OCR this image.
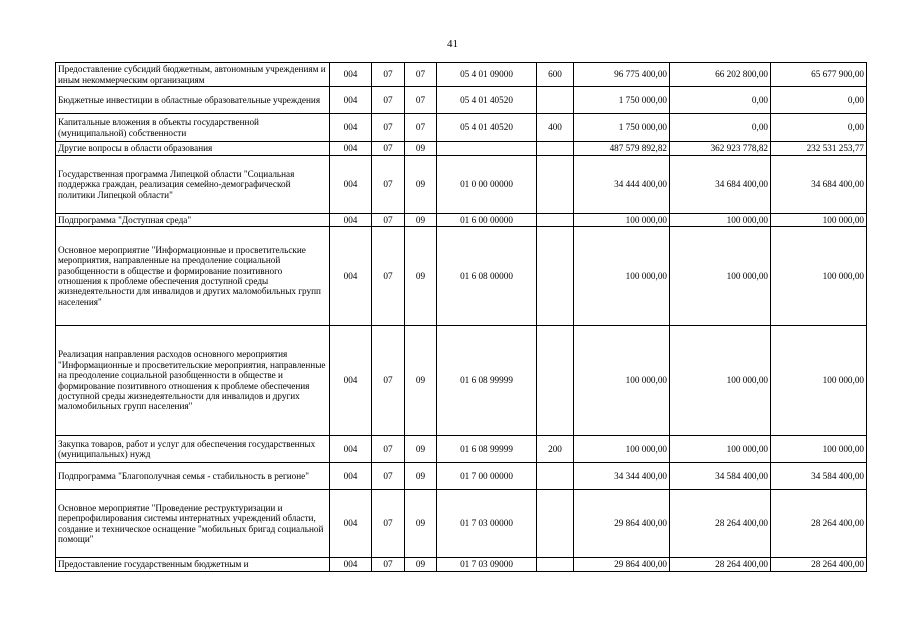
41
Предоставление субсидий бюджетным, автономным учреждениям и иным некоммерческим организациям	004	07	07	05 4 01 09000	600	96 775 400,00	66 202 800,00	65 677 900,00
Бюджетные инвестиции в областные образовательные учреждения	004	07	07	05 4 01 40520		1 750 000,00	0,00	0,00
Капитальные вложения в объекты государственной (муниципальной) собственности	004	07	07	05 4 01 40520	400	1 750 000,00	0,00	0,00
Другие вопросы в области образования	004	07	09			487 579 892,82	362 923 778,82	232 531 253,77
Государственная программа Липецкой области "Социальная поддержка граждан, реализация семейно-демографической политики Липецкой области"	004	07	09	01 0 00 00000		34 444 400,00	34 684 400,00	34 684 400,00
Подпрограмма "Доступная среда"	004	07	09	01 6 00 00000		100 000,00	100 000,00	100 000,00
Основное мероприятие "Информационные и просветительские мероприятия, направленные на преодоление социальной разобщенности в обществе и формирование позитивного отношения к проблеме обеспечения доступной среды жизнедеятельности для инвалидов и других маломобильных групп населения"	004	07	09	01 6 08 00000		100 000,00	100 000,00	100 000,00
Реализация направления расходов основного мероприятия "Информационные и просветительские мероприятия, направленные на преодоление социальной разобщенности в обществе и формирование позитивного отношения к проблеме обеспечения доступной среды жизнедеятельности для инвалидов и других маломобильных групп населения"	004	07	09	01 6 08 99999		100 000,00	100 000,00	100 000,00
Закупка товаров, работ и услуг для обеспечения государственных (муниципальных) нужд	004	07	09	01 6 08 99999	200	100 000,00	100 000,00	100 000,00
Подпрограмма "Благополучная семья - стабильность в регионе"	004	07	09	01 7 00 00000		34 344 400,00	34 584 400,00	34 584 400,00
Основное мероприятие "Проведение реструктуризации и перепрофилирования системы интернатных учреждений области, создание и техническое оснащение "мобильных бригад социальной помощи"	004	07	09	01 7 03 00000		29 864 400,00	28 264 400,00	28 264 400,00
Предоставление государственным бюджетным и	004	07	09	01 7 03 09000		29 864 400,00	28 264 400,00	28 264 400,00
